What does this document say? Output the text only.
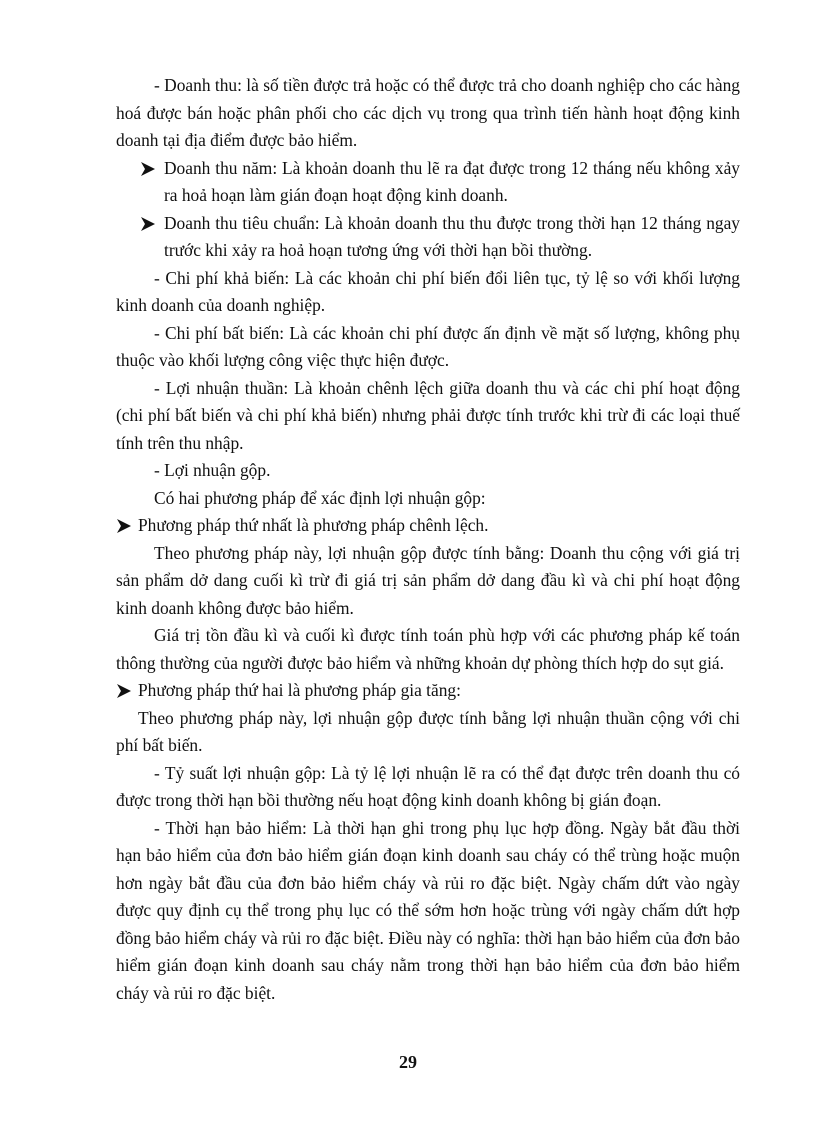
- Doanh thu: là số tiền được trả hoặc có thể được trả cho doanh nghiệp cho các hàng hoá được bán hoặc phân phối cho các dịch vụ trong qua trình tiến hành hoạt động kinh doanh tại địa điểm được bảo hiểm.

Doanh thu năm: Là khoản doanh thu lẽ ra đạt được trong 12 tháng nếu không xảy ra hoả hoạn làm gián đoạn hoạt động kinh doanh.

Doanh thu tiêu chuẩn: Là khoản doanh thu thu được trong thời hạn 12 tháng ngay trước khi xảy ra hoả hoạn tương ứng với thời hạn bồi thường.

- Chi phí khả biến: Là các khoản chi phí biến đổi liên tục, tỷ lệ so với khối lượng kinh doanh của doanh nghiệp.

- Chi phí bất biến: Là các khoản chi phí được ấn định về mặt số lượng, không phụ thuộc vào khối lượng công việc thực hiện được.

- Lợi nhuận thuần: Là khoản chênh lệch giữa doanh thu và các chi phí hoạt động (chi phí bất biến và chi phí khả biến) nhưng phải được tính trước khi trừ đi các loại thuế tính trên thu nhập.

- Lợi nhuận gộp.

Có hai phương pháp để xác định lợi nhuận gộp:

Phương pháp thứ nhất là phương pháp chênh lệch.

Theo phương pháp này, lợi nhuận gộp được tính bằng: Doanh thu cộng với giá trị sản phẩm dở dang cuối kì trừ đi giá trị sản phẩm dở dang đầu kì và chi phí hoạt động kinh doanh không được bảo hiểm.

Giá trị tồn đầu kì và cuối kì được tính toán phù hợp với các phương pháp kế toán thông thường của người được bảo hiểm và những khoản dự phòng thích hợp do sụt giá.

Phương pháp thứ hai là phương pháp gia tăng:

Theo phương pháp này, lợi nhuận gộp được tính bằng lợi nhuận thuần cộng với chi phí bất biến.

- Tỷ suất lợi nhuận gộp: Là tỷ lệ lợi nhuận lẽ ra có thể đạt được trên doanh thu có được trong thời hạn bồi thường nếu hoạt động kinh doanh không bị gián đoạn.

- Thời hạn bảo hiểm: Là thời hạn ghi trong phụ lục hợp đồng. Ngày bắt đầu thời hạn bảo hiểm của đơn bảo hiểm gián đoạn kinh doanh sau cháy có thể trùng hoặc muộn hơn ngày bắt đầu của đơn bảo hiểm cháy và rủi ro đặc biệt. Ngày chấm dứt vào ngày được quy định cụ thể trong phụ lục có thể sớm hơn hoặc trùng với ngày chấm dứt hợp đồng bảo hiểm cháy và rủi ro đặc biệt. Điều này có nghĩa: thời hạn bảo hiểm của đơn bảo hiểm gián đoạn kinh doanh sau cháy nằm trong thời hạn bảo hiểm của đơn bảo hiểm cháy và rủi ro đặc biệt.

29
